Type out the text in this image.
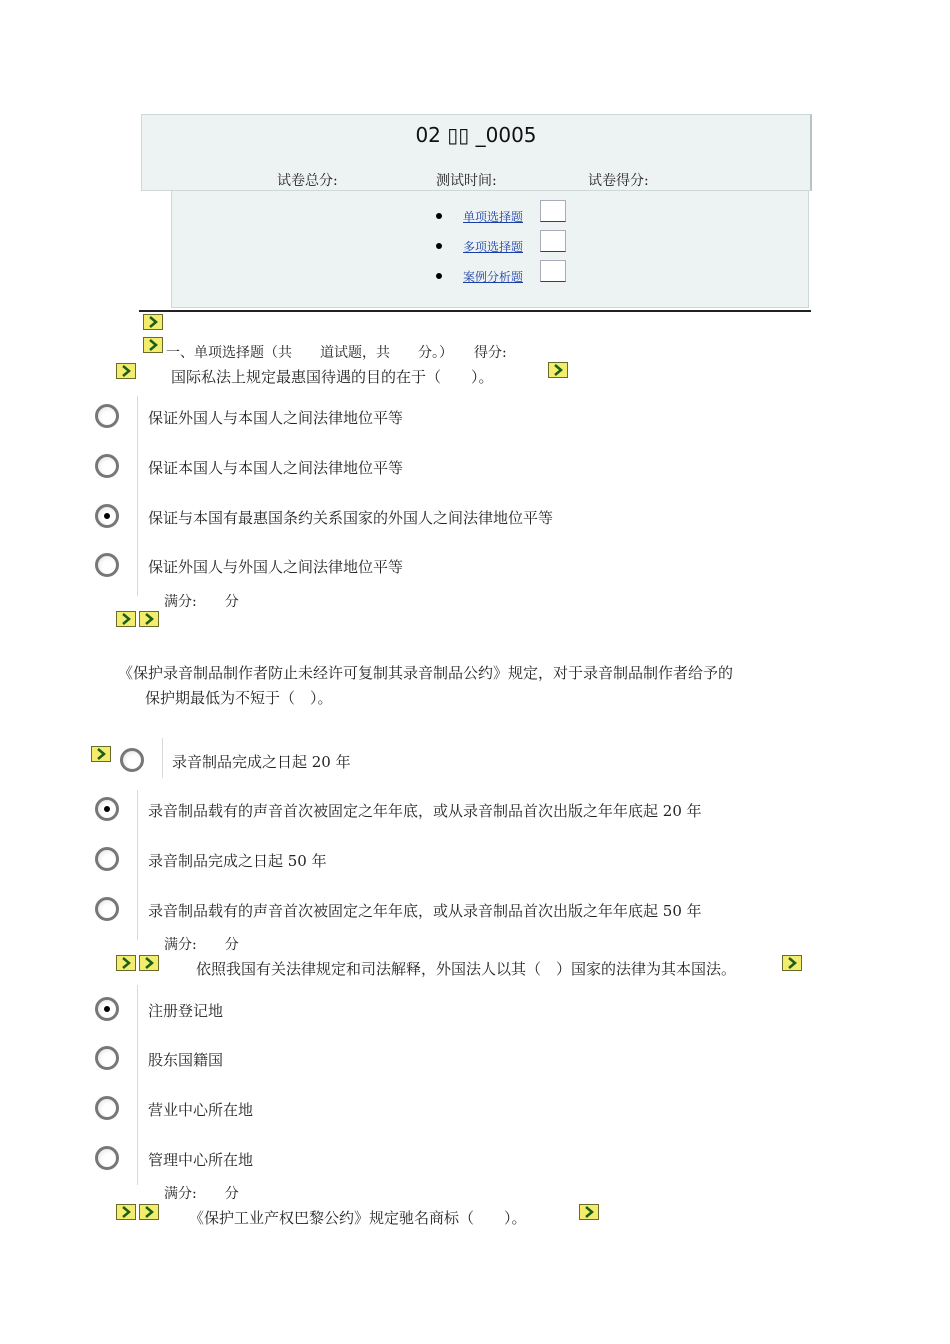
02 ▯▯ _0005
试卷总分:	测试时间:	试卷得分:
单项选择题
多项选择题
案例分析题
一、单项选择题（共　　道试题，共　　分。）　　得分:
国际私法上规定最惠国待遇的目的在于（　　）。
保证外国人与本国人之间法律地位平等
保证本国人与本国人之间法律地位平等
保证与本国有最惠国条约关系国家的外国人之间法律地位平等
保证外国人与外国人之间法律地位平等
满分:　　分
《保护录音制品制作者防止未经许可复制其录音制品公约》规定，对于录音制品制作者给予的
保护期最低为不短于（　）。
录音制品完成之日起 20 年
录音制品载有的声音首次被固定之年年底，或从录音制品首次出版之年年底起 20 年
录音制品完成之日起 50 年
录音制品载有的声音首次被固定之年年底，或从录音制品首次出版之年年底起 50 年
满分:　　分
依照我国有关法律规定和司法解释，外国法人以其（　）国家的法律为其本国法。
注册登记地
股东国籍国
营业中心所在地
管理中心所在地
满分:　　分
《保护工业产权巴黎公约》规定驰名商标（　　）。
